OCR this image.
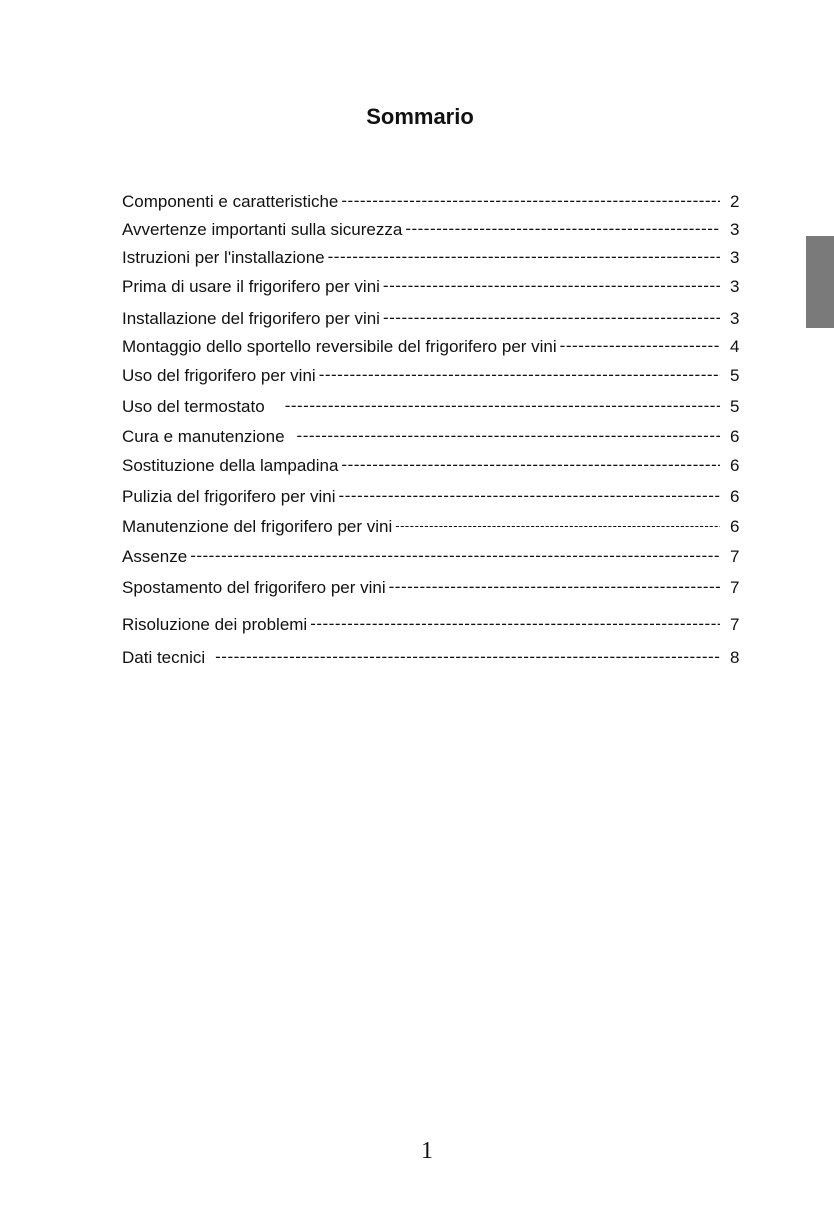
Sommario
Componenti e caratteristiche -----	2
Avvertenze importanti sulla sicurezza -----	3
Istruzioni per l'installazione -----	3
Prima di usare il frigorifero per vini -----	3
Installazione del frigorifero per vini -----	3
Montaggio dello sportello reversibile del frigorifero per vini -----	4
Uso del frigorifero per vini -----	5
Uso del termostato -----	5
Cura e manutenzione -----	6
Sostituzione della lampadina -----	6
Pulizia del frigorifero per vini -----	6
Manutenzione del frigorifero per vini -----	6
Assenze -----	7
Spostamento del frigorifero per vini -----	7
Risoluzione dei problemi -----	7
Dati tecnici -----	8
1
